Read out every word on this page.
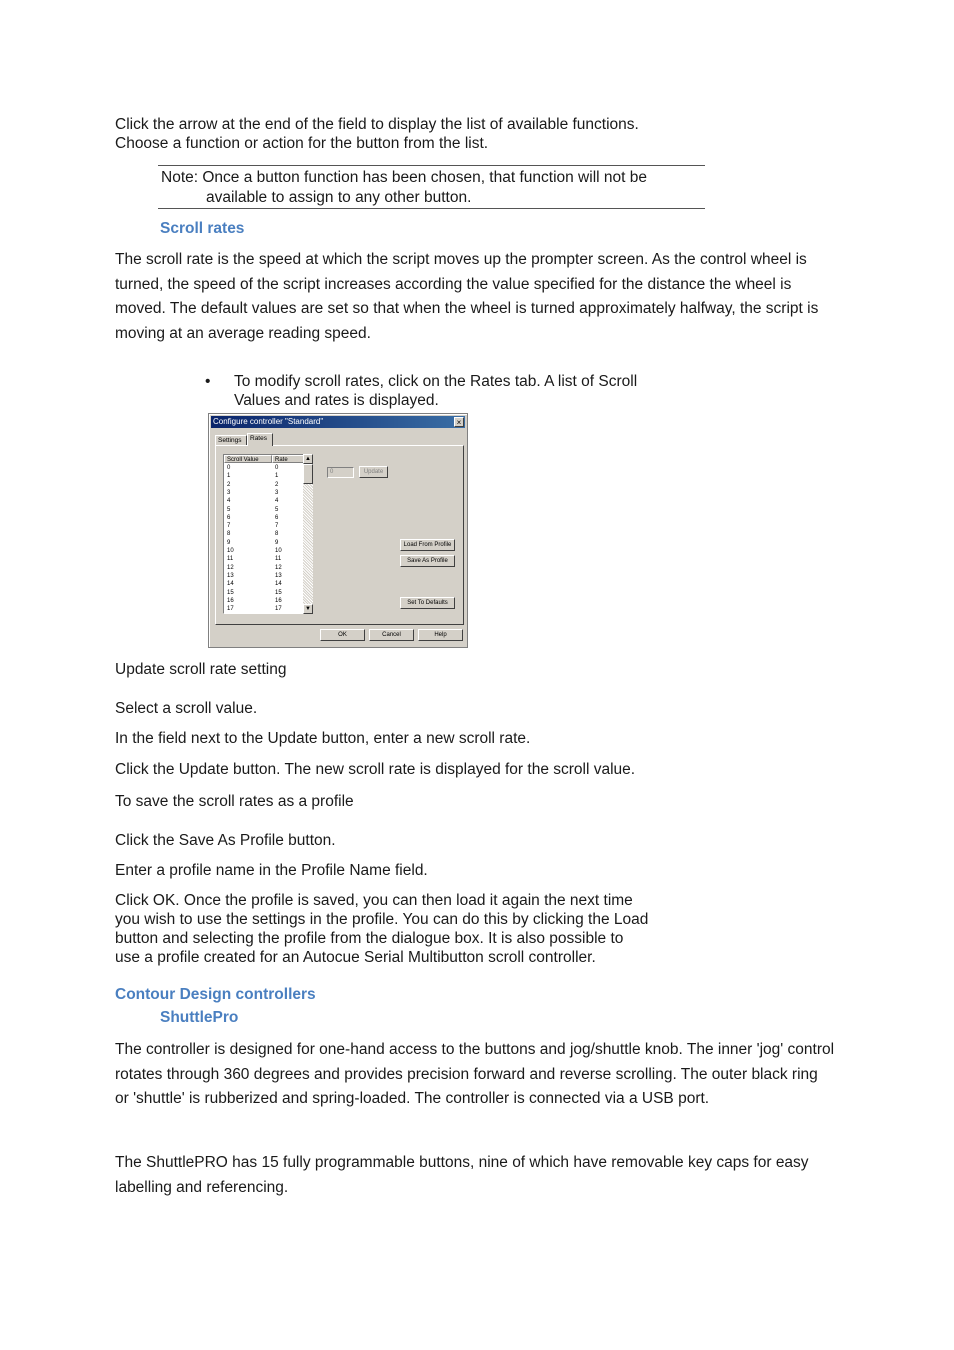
Click the arrow at the end of the field to display the list of available functions.
Choose a function or action for the button from the list.
Note: Once a button function has been chosen, that function will not be
available to assign to any other button.
Scroll rates
The scroll rate is the speed at which the script moves up the prompter screen. As the control wheel is turned, the speed of the script increases according the value specified for the distance the wheel is moved. The default values are set so that when the wheel is turned approximately halfway, the script is moving at an average reading speed.
• To modify scroll rates, click on the Rates tab. A list of Scroll
Values and rates is displayed.
Configure controller "Standard"	×
Settings	Rates
Scroll Value	Rate
0	0
1	1
2	2
3	3
4	4
5	5
6	6
7	7
8	8
9	9
10	10
11	11
12	12
13	13
14	14
15	15
16	16
17	17
▲
▼
0	Update
Load From Profile
Save As Profile
Set To Defaults
OK	Cancel	Help
Update scroll rate setting
Select a scroll value.
In the field next to the Update button, enter a new scroll rate.
Click the Update button. The new scroll rate is displayed for the scroll value.
To save the scroll rates as a profile
Click the Save As Profile button.
Enter a profile name in the Profile Name field.
Click OK. Once the profile is saved, you can then load it again the next time
you wish to use the settings in the profile. You can do this by clicking the Load
button and selecting the profile from the dialogue box. It is also possible to
use a profile created for an Autocue Serial Multibutton scroll controller.
Contour Design controllers
ShuttlePro
The controller is designed for one-hand access to the buttons and jog/shuttle knob. The inner 'jog' control rotates through 360 degrees and provides precision forward and reverse scrolling. The outer black ring or 'shuttle' is rubberized and spring-loaded. The controller is connected via a USB port.
The ShuttlePRO has 15 fully programmable buttons, nine of which have removable key caps for easy labelling and referencing.
